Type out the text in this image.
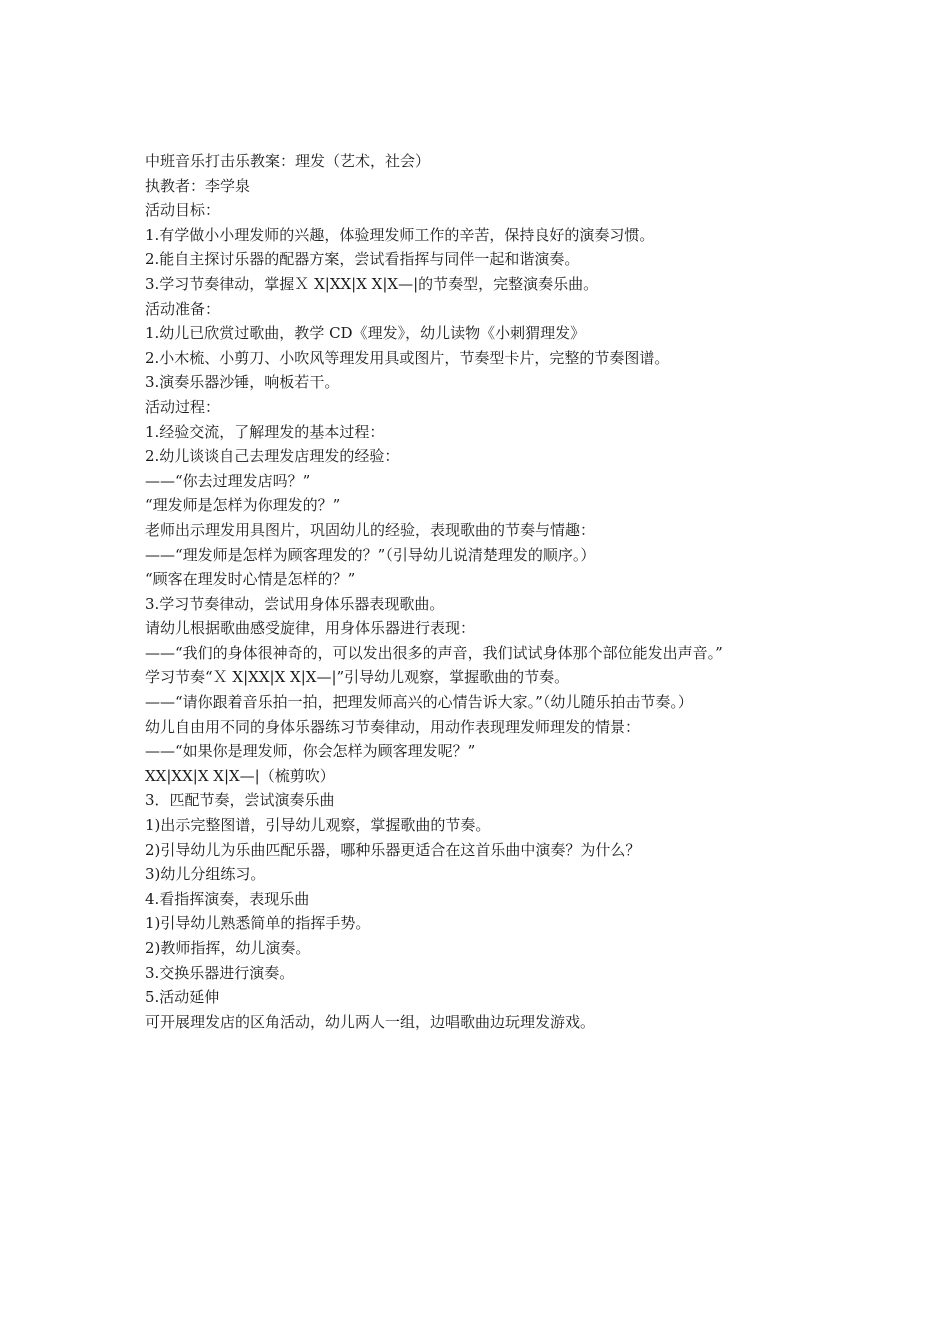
中班音乐打击乐教案：理发（艺术，社会）

执教者：李学泉

活动目标：

1.有学做小小理发师的兴趣，体验理发师工作的辛苦，保持良好的演奏习惯。

2.能自主探讨乐器的配器方案，尝试看指挥与同伴一起和谐演奏。

3.学习节奏律动，掌握Ｘ X|XX|X X|X—|的节奏型，完整演奏乐曲。

活动准备：

1.幼儿已欣赏过歌曲，教学 CD《理发》，幼儿读物《小刺猬理发》

2.小木梳、小剪刀、小吹风等理发用具或图片，节奏型卡片，完整的节奏图谱。

3.演奏乐器沙锤，响板若干。

活动过程：

1.经验交流，了解理发的基本过程：

2.幼儿谈谈自己去理发店理发的经验：

——“你去过理发店吗？”

“理发师是怎样为你理发的？”

老师出示理发用具图片，巩固幼儿的经验，表现歌曲的节奏与情趣：

——“理发师是怎样为顾客理发的？”（引导幼儿说清楚理发的顺序。）

“顾客在理发时心情是怎样的？”

3.学习节奏律动，尝试用身体乐器表现歌曲。

请幼儿根据歌曲感受旋律，用身体乐器进行表现：

——“我们的身体很神奇的，可以发出很多的声音，我们试试身体那个部位能发出声音。”

学习节奏“Ｘ X|XX|X X|X—|”引导幼儿观察，掌握歌曲的节奏。

——“请你跟着音乐拍一拍，把理发师高兴的心情告诉大家。”（幼儿随乐拍击节奏。）

幼儿自由用不同的身体乐器练习节奏律动，用动作表现理发师理发的情景：

——“如果你是理发师，你会怎样为顾客理发呢？”

XX|XX|X X|X—|（梳剪吹）

3．匹配节奏，尝试演奏乐曲

1)出示完整图谱，引导幼儿观察，掌握歌曲的节奏。

2)引导幼儿为乐曲匹配乐器，哪种乐器更适合在这首乐曲中演奏？为什么？

3)幼儿分组练习。

4.看指挥演奏，表现乐曲

1)引导幼儿熟悉简单的指挥手势。

2)教师指挥，幼儿演奏。

3.交换乐器进行演奏。

5.活动延伸

可开展理发店的区角活动，幼儿两人一组，边唱歌曲边玩理发游戏。
